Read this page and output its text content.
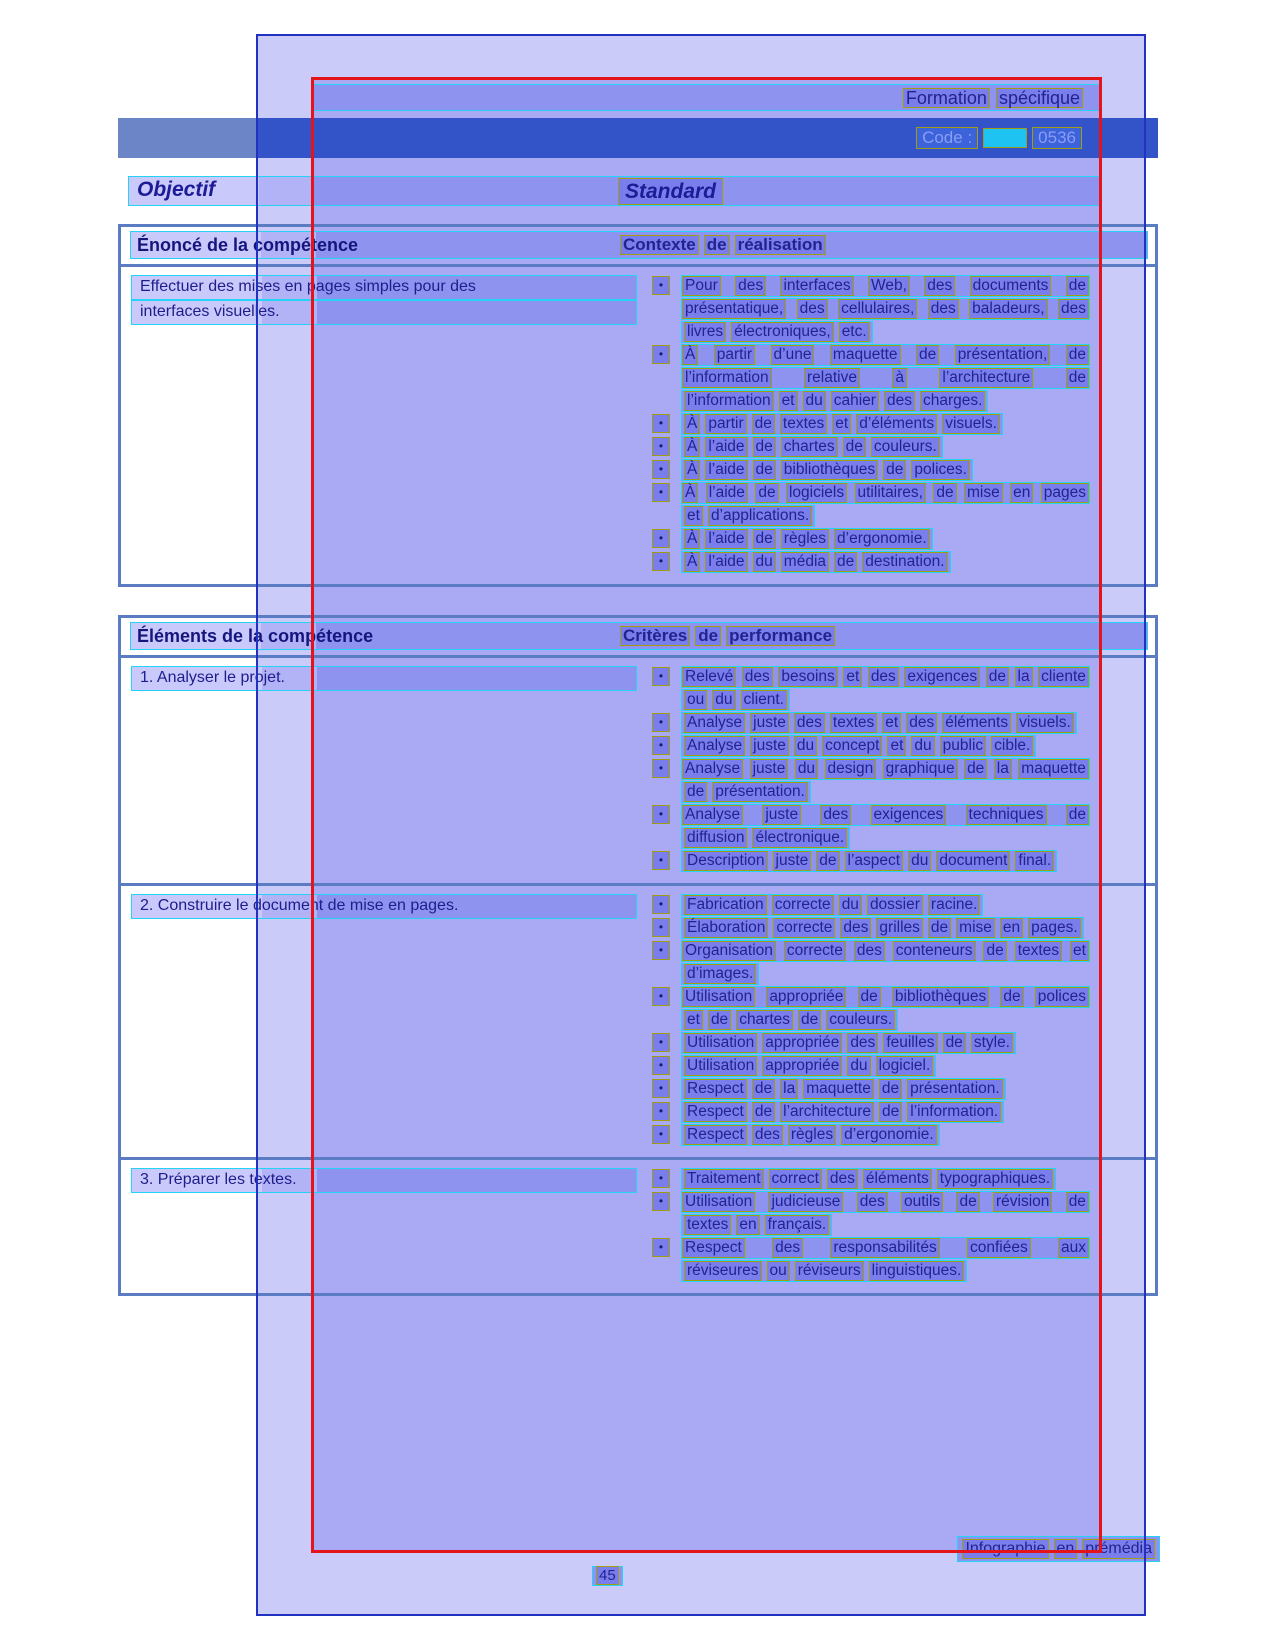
Formation spécifique
Code :	0536
Objectif	Standard
Énoncé de la compétence	Contexte de réalisation
Effectuer des mises en pages simples pour des
interfaces visuelles.
•	Pour des interfaces Web, des documents de
présentatique, des cellulaires, des baladeurs, des
livres électroniques, etc.
•	À partir d’une maquette de présentation, de
l’information relative à l’architecture de
l’information et du cahier des charges.
•	À partir de textes et d’éléments visuels.
•	À l’aide de chartes de couleurs.
•	À l’aide de bibliothèques de polices.
•	À l’aide de logiciels utilitaires, de mise en pages
et d’applications.
•	À l’aide de règles d’ergonomie.
•	À l’aide du média de destination.
Éléments de la compétence	Critères de performance
1. Analyser le projet.	•	Relevé des besoins et des exigences de la cliente
ou du client.
•	Analyse juste des textes et des éléments visuels.
•	Analyse juste du concept et du public cible.
•	Analyse juste du design graphique de la maquette
de présentation.
•	Analyse juste des exigences techniques de
diffusion électronique.
•	Description juste de l’aspect du document final.
2. Construire le document de mise en pages.	•	Fabrication correcte du dossier racine.
•	Élaboration correcte des grilles de mise en pages.
•	Organisation correcte des conteneurs de textes et
d’images.
•	Utilisation appropriée de bibliothèques de polices
et de chartes de couleurs.
•	Utilisation appropriée des feuilles de style.
•	Utilisation appropriée du logiciel.
•	Respect de la maquette de présentation.
•	Respect de l’architecture de l’information.
•	Respect des règles d’ergonomie.
3. Préparer les textes.	•	Traitement correct des éléments typographiques.
•	Utilisation judicieuse des outils de révision de
textes en français.
•	Respect des responsabilités confiées aux
réviseures ou réviseurs linguistiques.
Infographie en prémédia
45
